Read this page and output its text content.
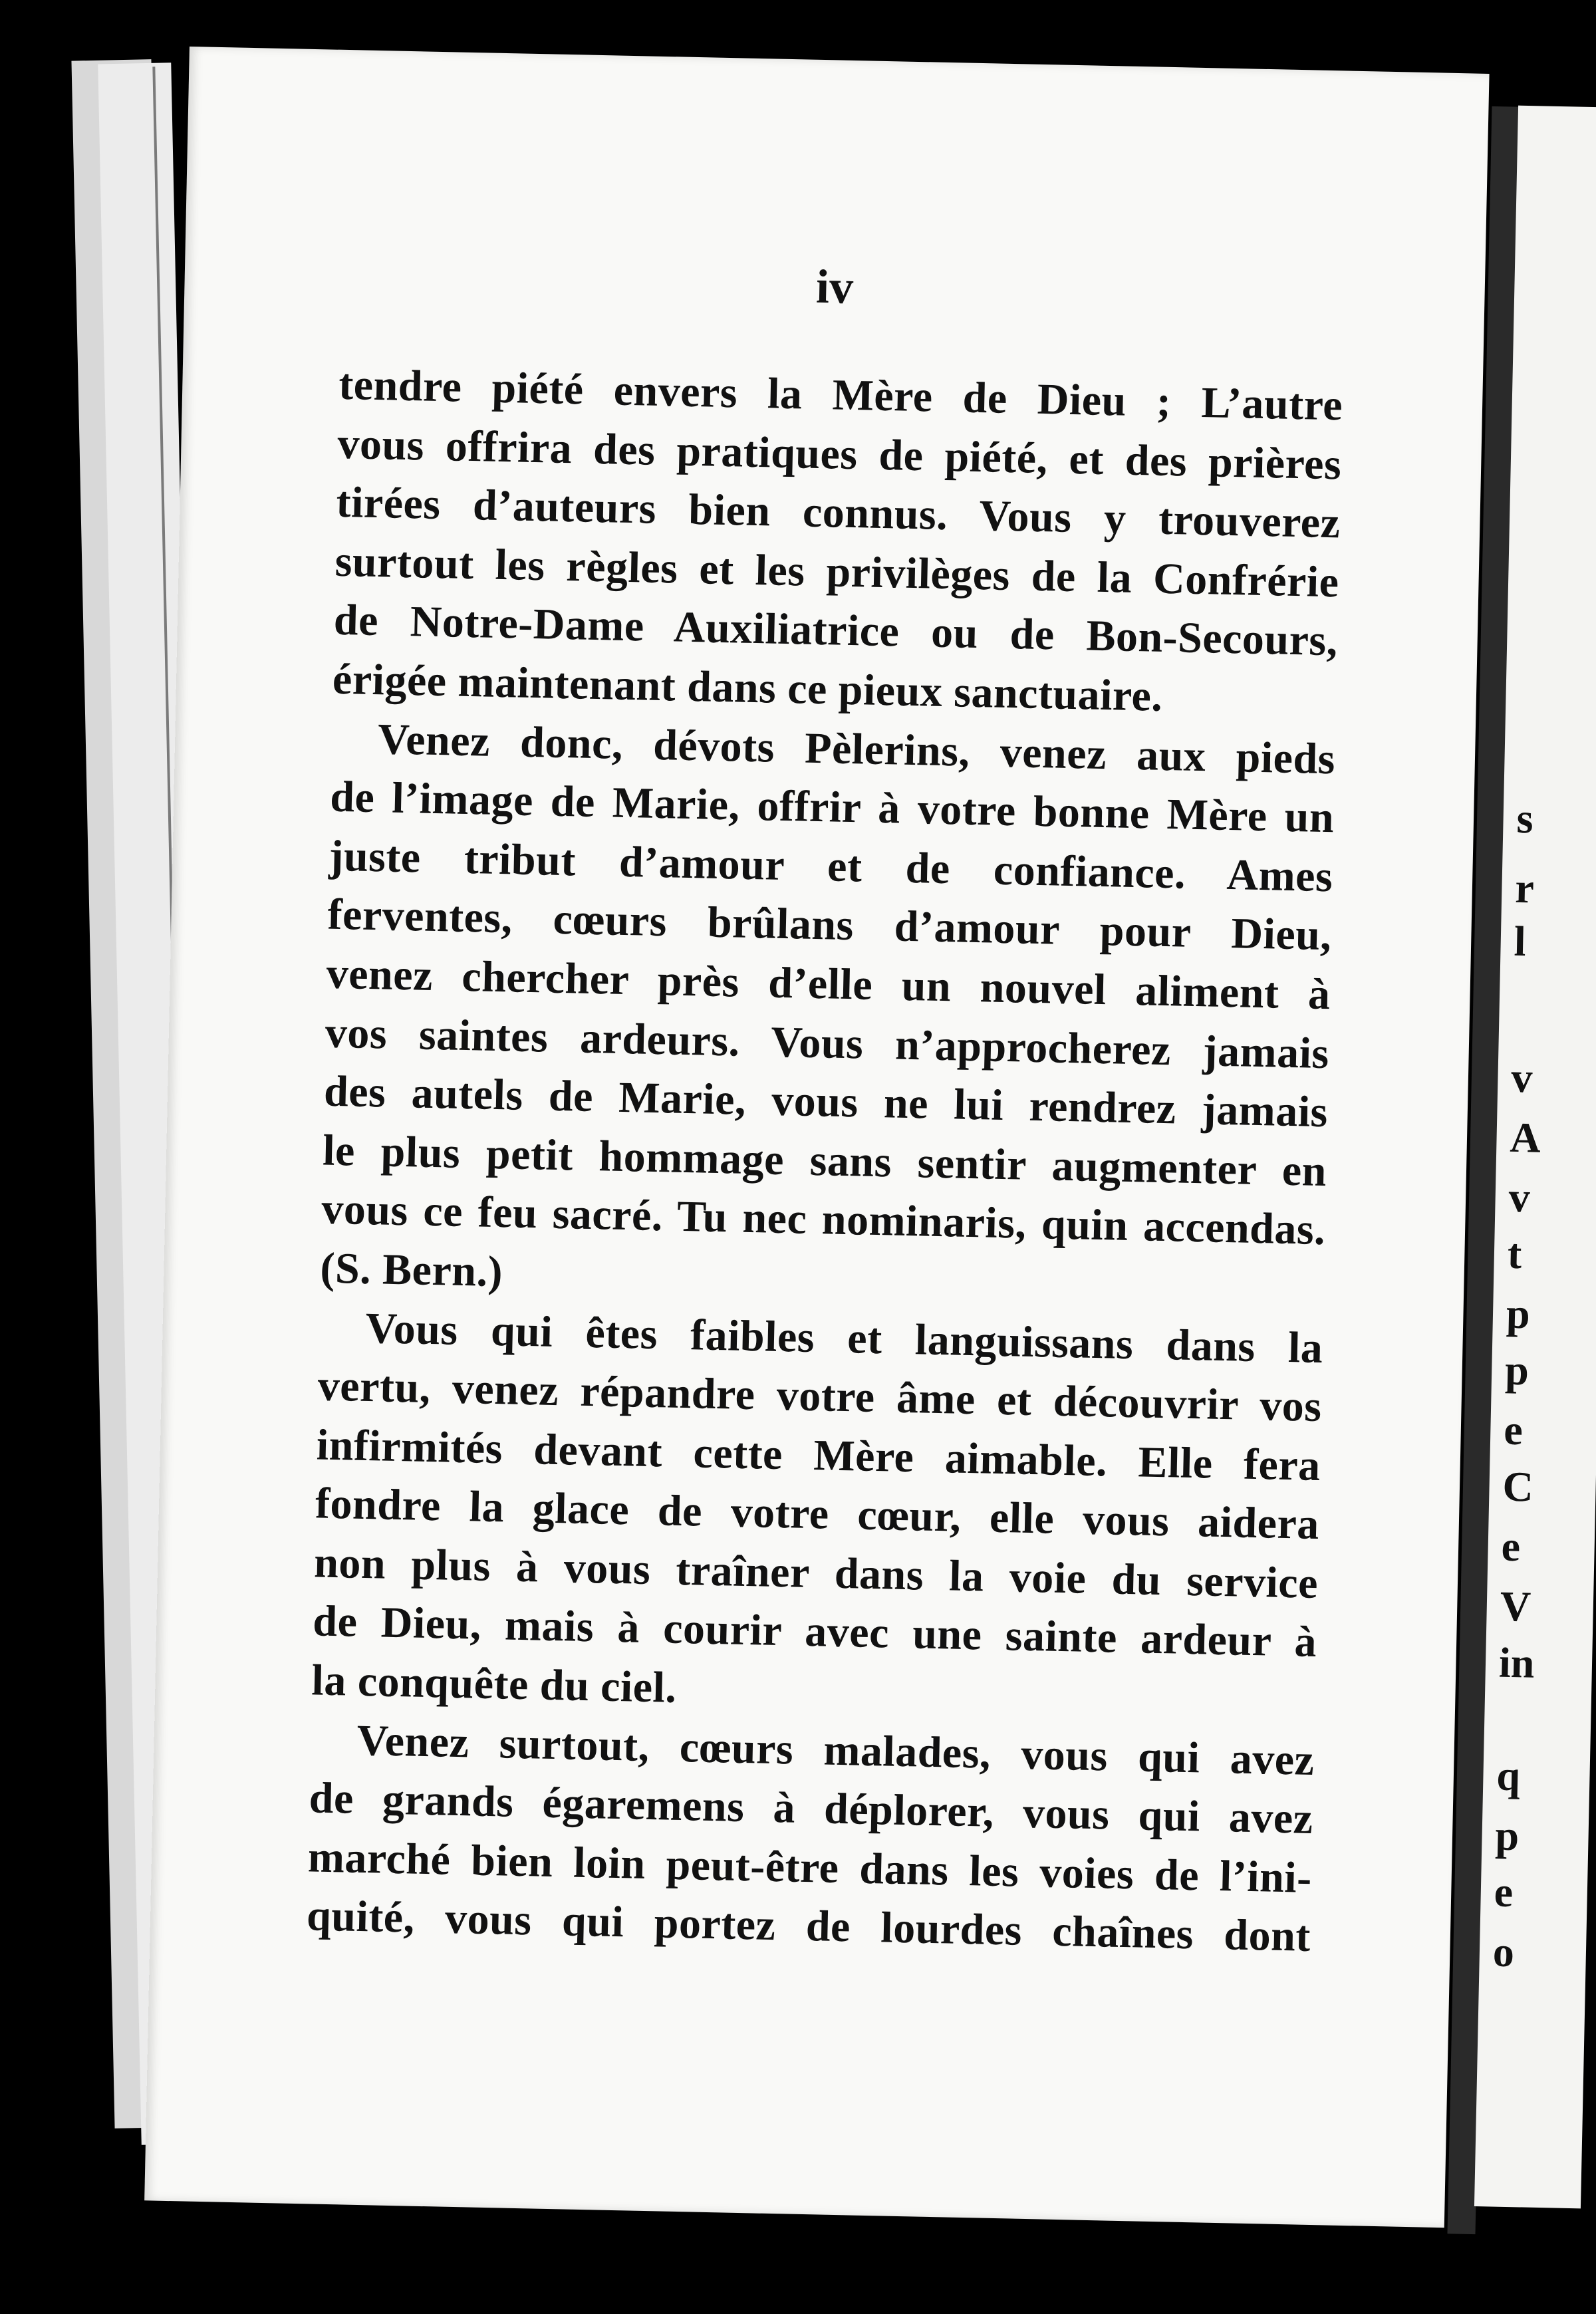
iv
tendre piété envers la Mère de Dieu ; L’autre
vous offrira des pratiques de piété, et des prières
tirées d’auteurs bien connus. Vous y trouverez
surtout les règles et les privilèges de la Confrérie
de Notre-Dame Auxiliatrice ou de Bon-Secours,
érigée maintenant dans ce pieux sanctuaire.
Venez donc, dévots Pèlerins, venez aux pieds
de l’image de Marie, offrir à votre bonne Mère un
juste tribut d’amour et de confiance. Ames
ferventes, cœurs brûlans d’amour pour Dieu,
venez chercher près d’elle un nouvel aliment à
vos saintes ardeurs. Vous n’approcherez jamais
des autels de Marie, vous ne lui rendrez jamais
le plus petit hommage sans sentir augmenter en
vous ce feu sacré. Tu nec nominaris, quin accendas.
(S. Bern.)
Vous qui êtes faibles et languissans dans la
vertu, venez répandre votre âme et découvrir vos
infirmités devant cette Mère aimable. Elle fera
fondre la glace de votre cœur, elle vous aidera
non plus à vous traîner dans la voie du service
de Dieu, mais à courir avec une sainte ardeur à
la conquête du ciel.
Venez surtout, cœurs malades, vous qui avez
de grands égaremens à déplorer, vous qui avez
marché bien loin peut-être dans les voies de l’ini-
quité, vous qui portez de lourdes chaînes dont
s
r
l
v
A
v
t
p
p
e
C
e
V
in
q
p
e
o
